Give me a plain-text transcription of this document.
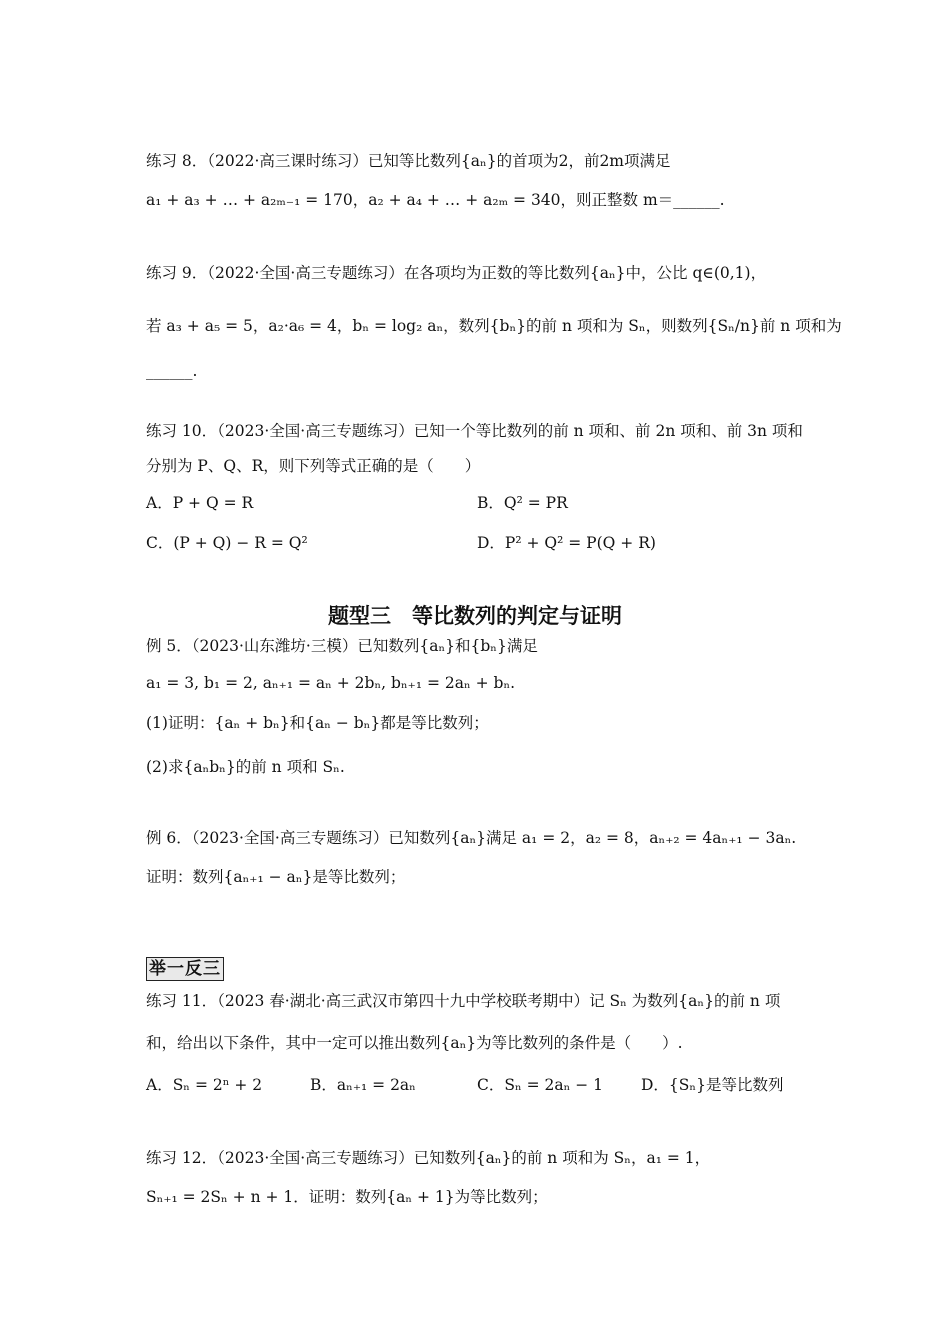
练习 8．（2022·高三课时练习）已知等比数列{aₙ}的首项为2，前2m项满足
a₁ + a₃ + … + a₂ₘ₋₁ = 170，a₂ + a₄ + … + a₂ₘ = 340，则正整数 m＝______.
练习 9．（2022·全国·高三专题练习）在各项均为正数的等比数列{aₙ}中，公比 q∈(0,1)，
若 a₃ + a₅ = 5，a₂·a₆ = 4，bₙ = log₂ aₙ，数列{bₙ}的前 n 项和为 Sₙ，则数列{Sₙ/n}前 n 项和为
______.
练习 10．（2023·全国·高三专题练习）已知一个等比数列的前 n 项和、前 2n 项和、前 3n 项和
分别为 P、Q、R，则下列等式正确的是（　　）
A．P + Q = R	B．Q² = PR
C．(P + Q) − R = Q²	D．P² + Q² = P(Q + R)
题型三　等比数列的判定与证明
例 5．（2023·山东潍坊·三模）已知数列{aₙ}和{bₙ}满足
a₁ = 3, b₁ = 2, aₙ₊₁ = aₙ + 2bₙ, bₙ₊₁ = 2aₙ + bₙ.
(1)证明：{aₙ + bₙ}和{aₙ − bₙ}都是等比数列；
(2)求{aₙbₙ}的前 n 项和 Sₙ.
例 6．（2023·全国·高三专题练习）已知数列{aₙ}满足 a₁ = 2，a₂ = 8，aₙ₊₂ = 4aₙ₊₁ − 3aₙ.
证明：数列{aₙ₊₁ − aₙ}是等比数列；
举一反三
练习 11．（2023 春·湖北·高三武汉市第四十九中学校联考期中）记 Sₙ 为数列{aₙ}的前 n 项
和，给出以下条件，其中一定可以推出数列{aₙ}为等比数列的条件是（　　）.
A．Sₙ = 2ⁿ + 2	B．aₙ₊₁ = 2aₙ	C．Sₙ = 2aₙ − 1 D．{Sₙ}是等比数列
练习 12．（2023·全国·高三专题练习）已知数列{aₙ}的前 n 项和为 Sₙ，a₁ = 1，
Sₙ₊₁ = 2Sₙ + n + 1．证明：数列{aₙ + 1}为等比数列；
